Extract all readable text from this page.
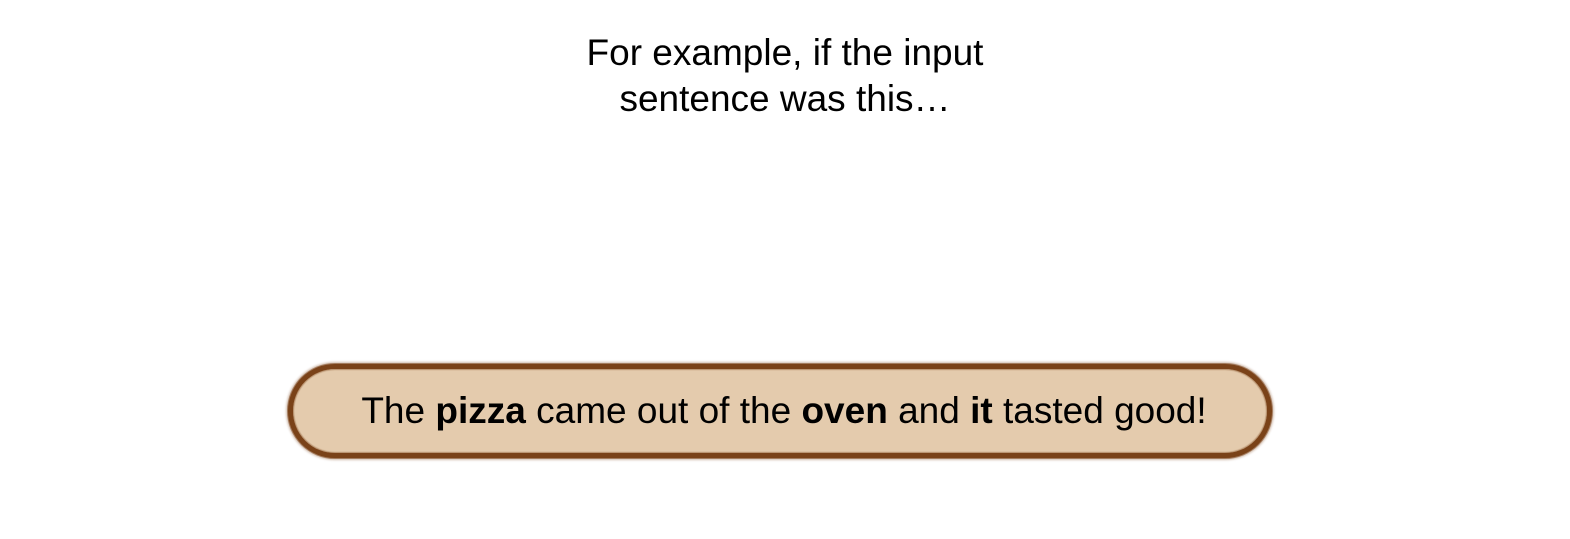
For example, if the input
sentence was this…
The pizza came out of the oven and it tasted good!
